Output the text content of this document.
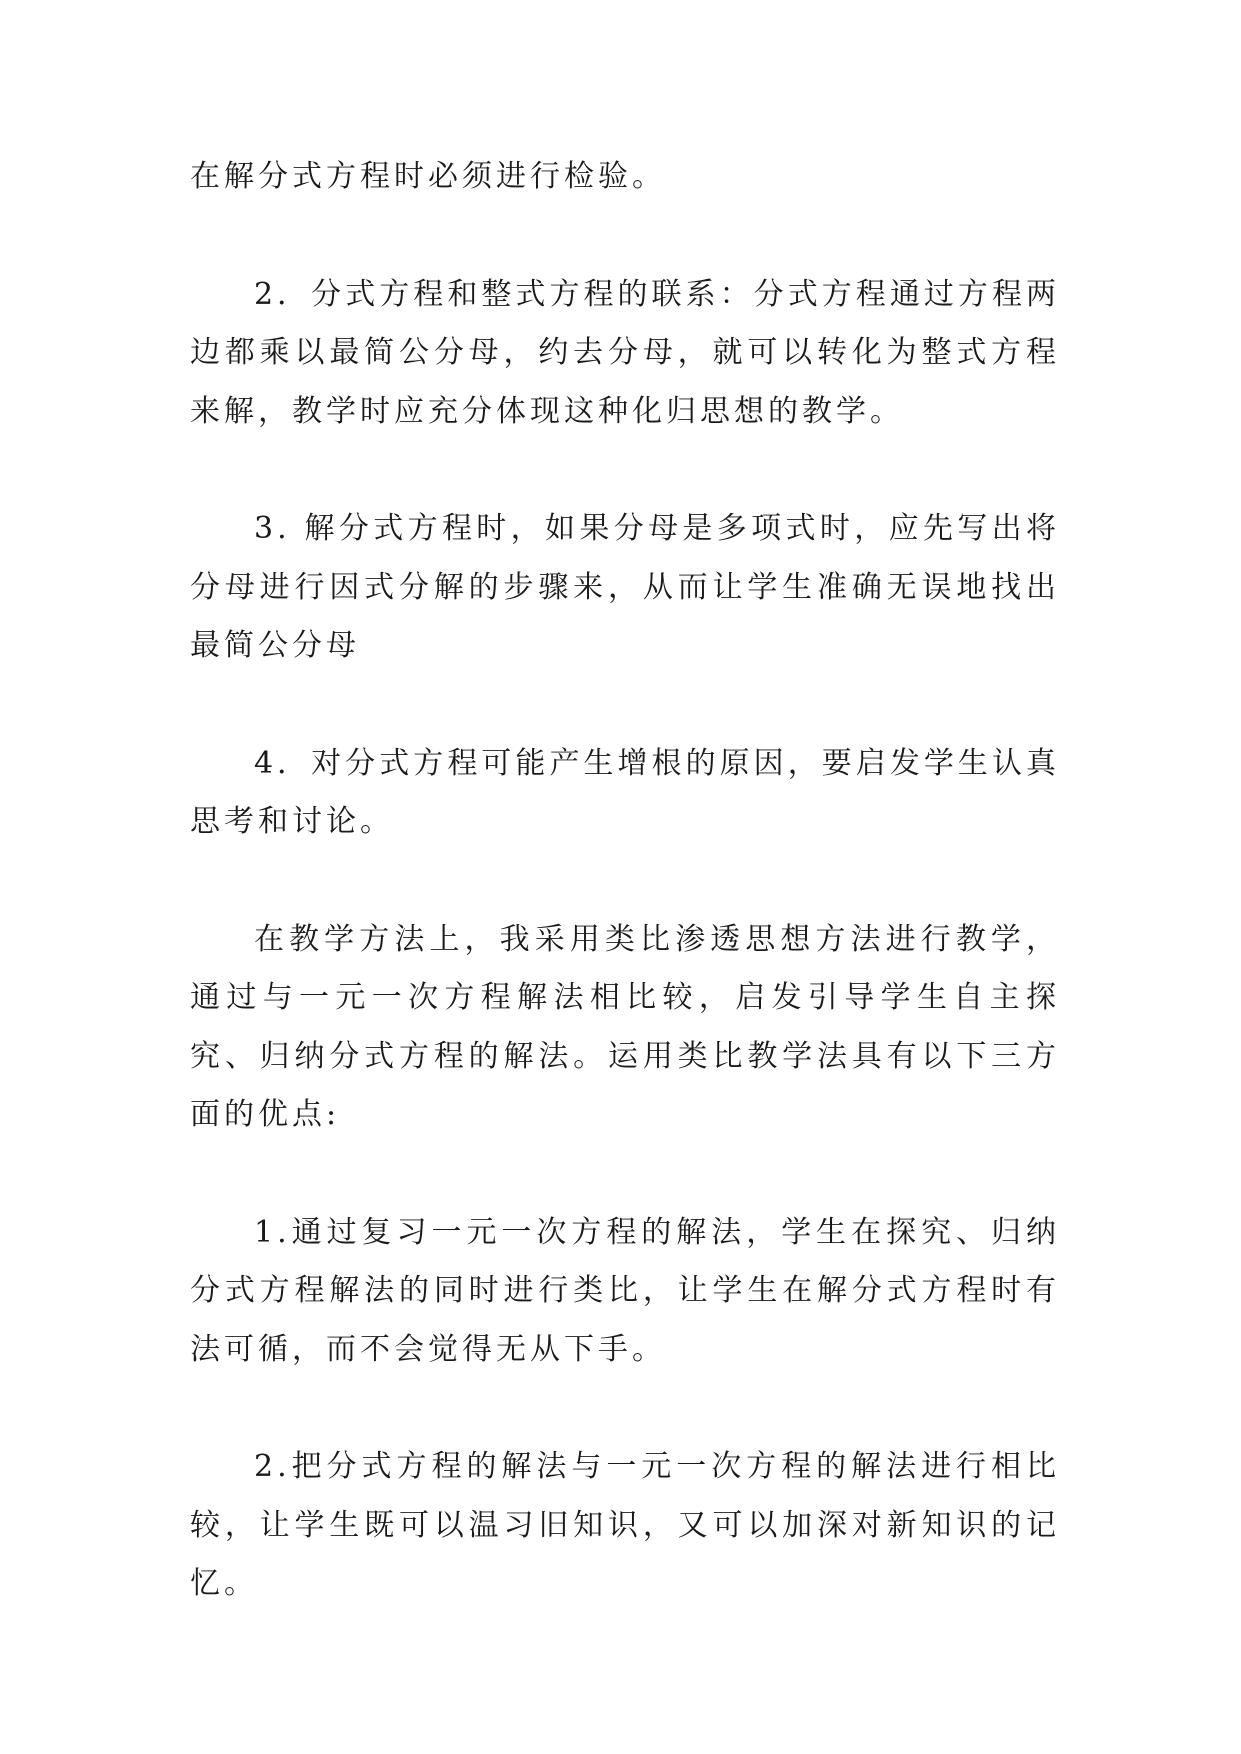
在解分式方程时必须进行检验。

2．分式方程和整式方程的联系：分式方程通过方程两边都乘以最简公分母，约去分母，就可以转化为整式方程来解，教学时应充分体现这种化归思想的教学。

3. 解分式方程时，如果分母是多项式时，应先写出将分母进行因式分解的步骤来，从而让学生准确无误地找出最简公分母

4．对分式方程可能产生增根的原因，要启发学生认真思考和讨论。

在教学方法上，我采用类比渗透思想方法进行教学，通过与一元一次方程解法相比较，启发引导学生自主探究、归纳分式方程的解法。运用类比教学法具有以下三方面的优点:

1.通过复习一元一次方程的解法，学生在探究、归纳分式方程解法的同时进行类比，让学生在解分式方程时有法可循，而不会觉得无从下手。

2.把分式方程的解法与一元一次方程的解法进行相比较，让学生既可以温习旧知识，又可以加深对新知识的记忆。
